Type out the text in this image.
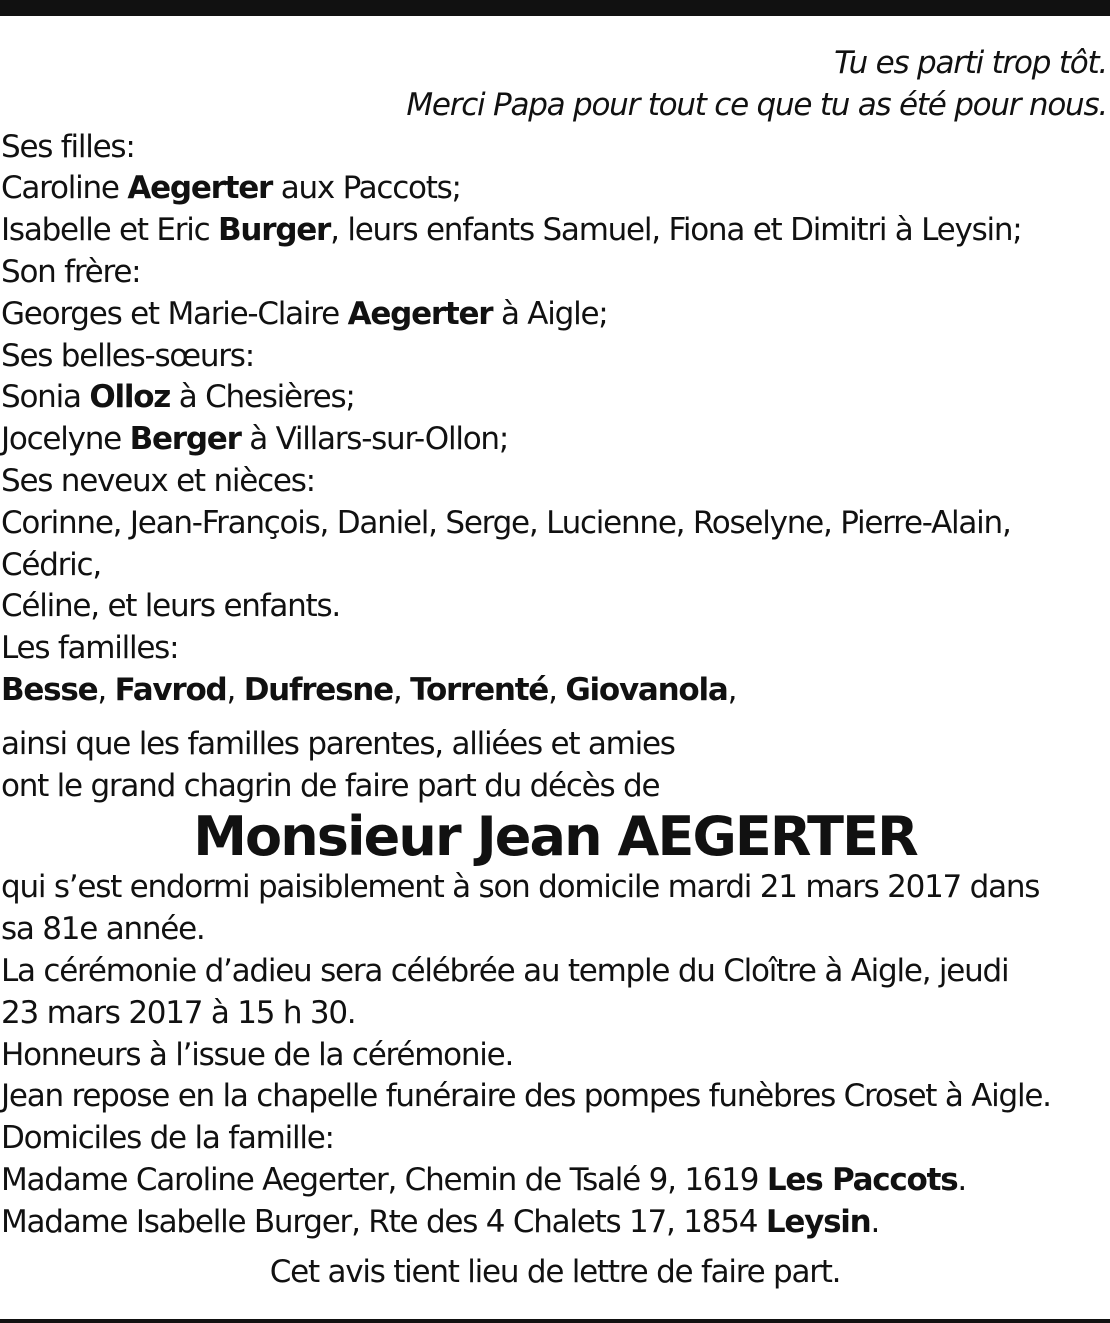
Tu es parti trop tôt.
Merci Papa pour tout ce que tu as été pour nous.
Ses filles:
Caroline Aegerter aux Paccots;
Isabelle et Eric Burger, leurs enfants Samuel, Fiona et Dimitri à Leysin;
Son frère:
Georges et Marie-Claire Aegerter à Aigle;
Ses belles-sœurs:
Sonia Olloz à Chesières;
Jocelyne Berger à Villars-sur-Ollon;
Ses neveux et nièces:
Corinne, Jean-François, Daniel, Serge, Lucienne, Roselyne, Pierre-Alain, Cédric,
Céline, et leurs enfants.
Les familles:
Besse, Favrod, Dufresne, Torrenté, Giovanola,
ainsi que les familles parentes, alliées et amies
ont le grand chagrin de faire part du décès de
Monsieur Jean AEGERTER
qui s’est endormi paisiblement à son domicile mardi 21 mars 2017 dans
sa 81e année.
La cérémonie d’adieu sera célébrée au temple du Cloître à Aigle, jeudi
23 mars 2017 à 15 h 30.
Honneurs à l’issue de la cérémonie.
Jean repose en la chapelle funéraire des pompes funèbres Croset à Aigle.
Domiciles de la famille:
Madame Caroline Aegerter, Chemin de Tsalé 9, 1619 Les Paccots.
Madame Isabelle Burger, Rte des 4 Chalets 17, 1854 Leysin.
Cet avis tient lieu de lettre de faire part.
